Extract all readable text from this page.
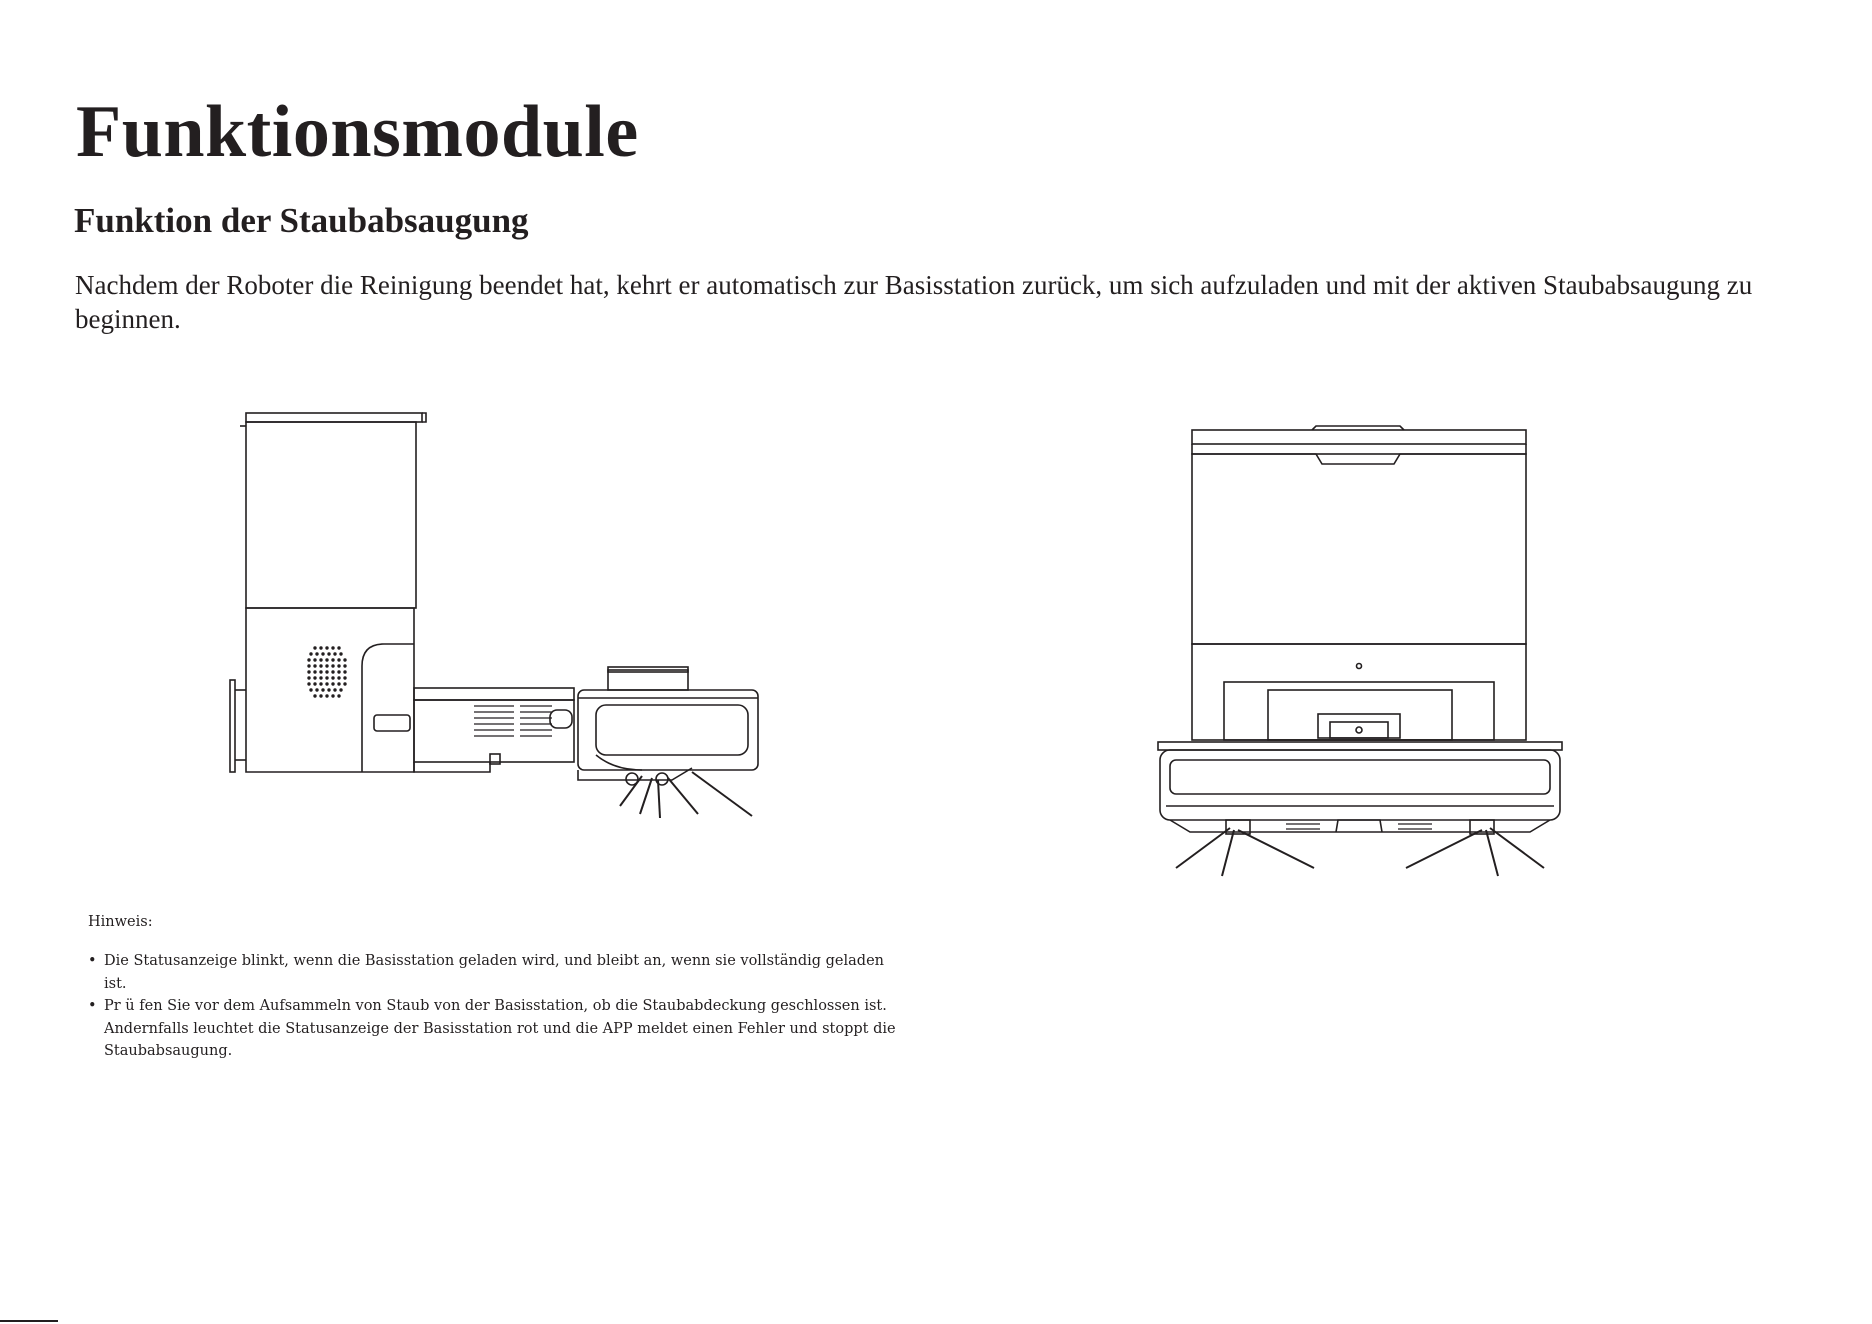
Funktionsmodule
Funktion der Staubabsaugung

Nachdem der Roboter die Reinigung beendet hat, kehrt er automatisch zur Basisstation zurück, um sich aufzuladen und mit der aktiven Staubabsaugung zu beginnen.

Hinweis:

• Die Statusanzeige blinkt, wenn die Basisstation geladen wird, und bleibt an, wenn sie vollständig geladen ist.
• Pr ü fen Sie vor dem Aufsammeln von Staub von der Basisstation, ob die Staubabdeckung geschlossen ist. Andernfalls leuchtet die Statusanzeige der Basisstation rot und die APP meldet einen Fehler und stoppt die Staubabsaugung.
